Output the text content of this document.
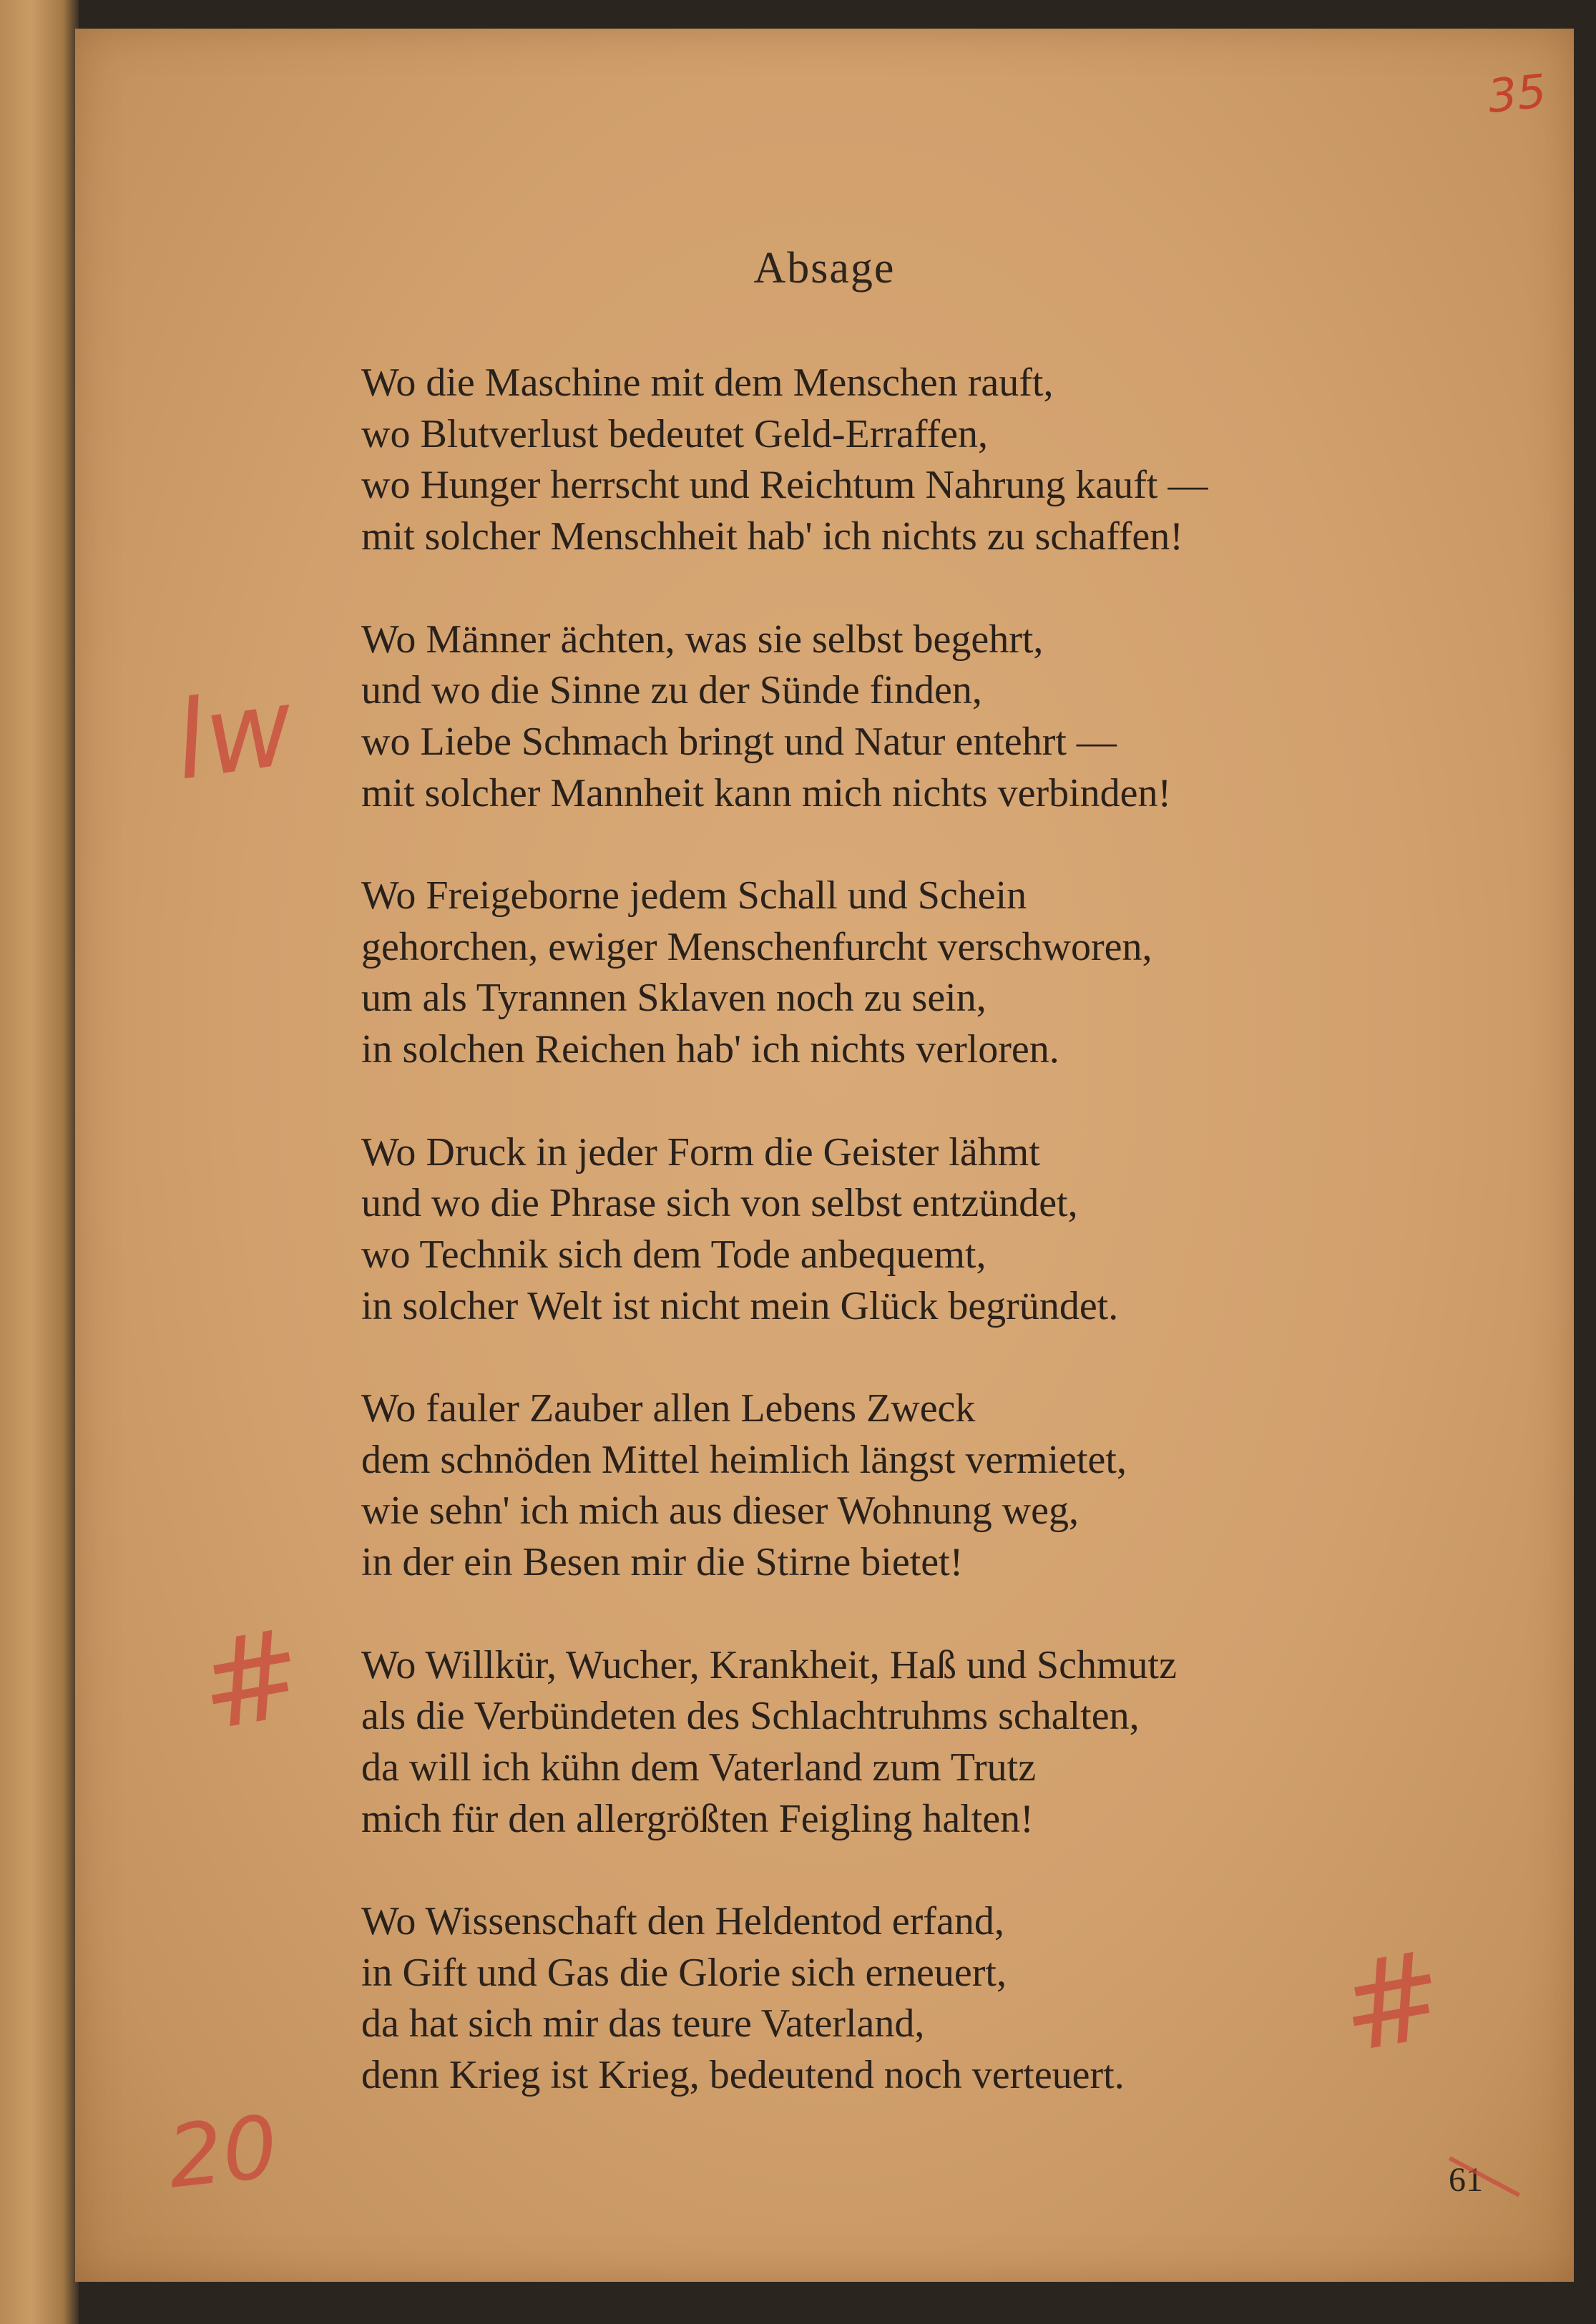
35
Absage

Wo die Maschine mit dem Menschen rauft,
wo Blutverlust bedeutet Geld-Erraffen,
wo Hunger herrscht und Reichtum Nahrung kauft —
mit solcher Menschheit hab' ich nichts zu schaffen!

Wo Männer ächten, was sie selbst begehrt,
und wo die Sinne zu der Sünde finden,
wo Liebe Schmach bringt und Natur entehrt —
mit solcher Mannheit kann mich nichts verbinden!

Wo Freigeborne jedem Schall und Schein
gehorchen, ewiger Menschenfurcht verschworen,
um als Tyrannen Sklaven noch zu sein,
in solchen Reichen hab' ich nichts verloren.

Wo Druck in jeder Form die Geister lähmt
und wo die Phrase sich von selbst entzündet,
wo Technik sich dem Tode anbequemt,
in solcher Welt ist nicht mein Glück begründet.

Wo fauler Zauber allen Lebens Zweck
dem schnöden Mittel heimlich längst vermietet,
wie sehn' ich mich aus dieser Wohnung weg,
in der ein Besen mir die Stirne bietet!

Wo Willkür, Wucher, Krankheit, Haß und Schmutz
als die Verbündeten des Schlachtruhms schalten,
da will ich kühn dem Vaterland zum Trutz
mich für den allergrößten Feigling halten!

Wo Wissenschaft den Heldentod erfand,
in Gift und Gas die Glorie sich erneuert,
da hat sich mir das teure Vaterland,
denn Krieg ist Krieg, bedeutend noch verteuert.

lw
#
#
20	61
